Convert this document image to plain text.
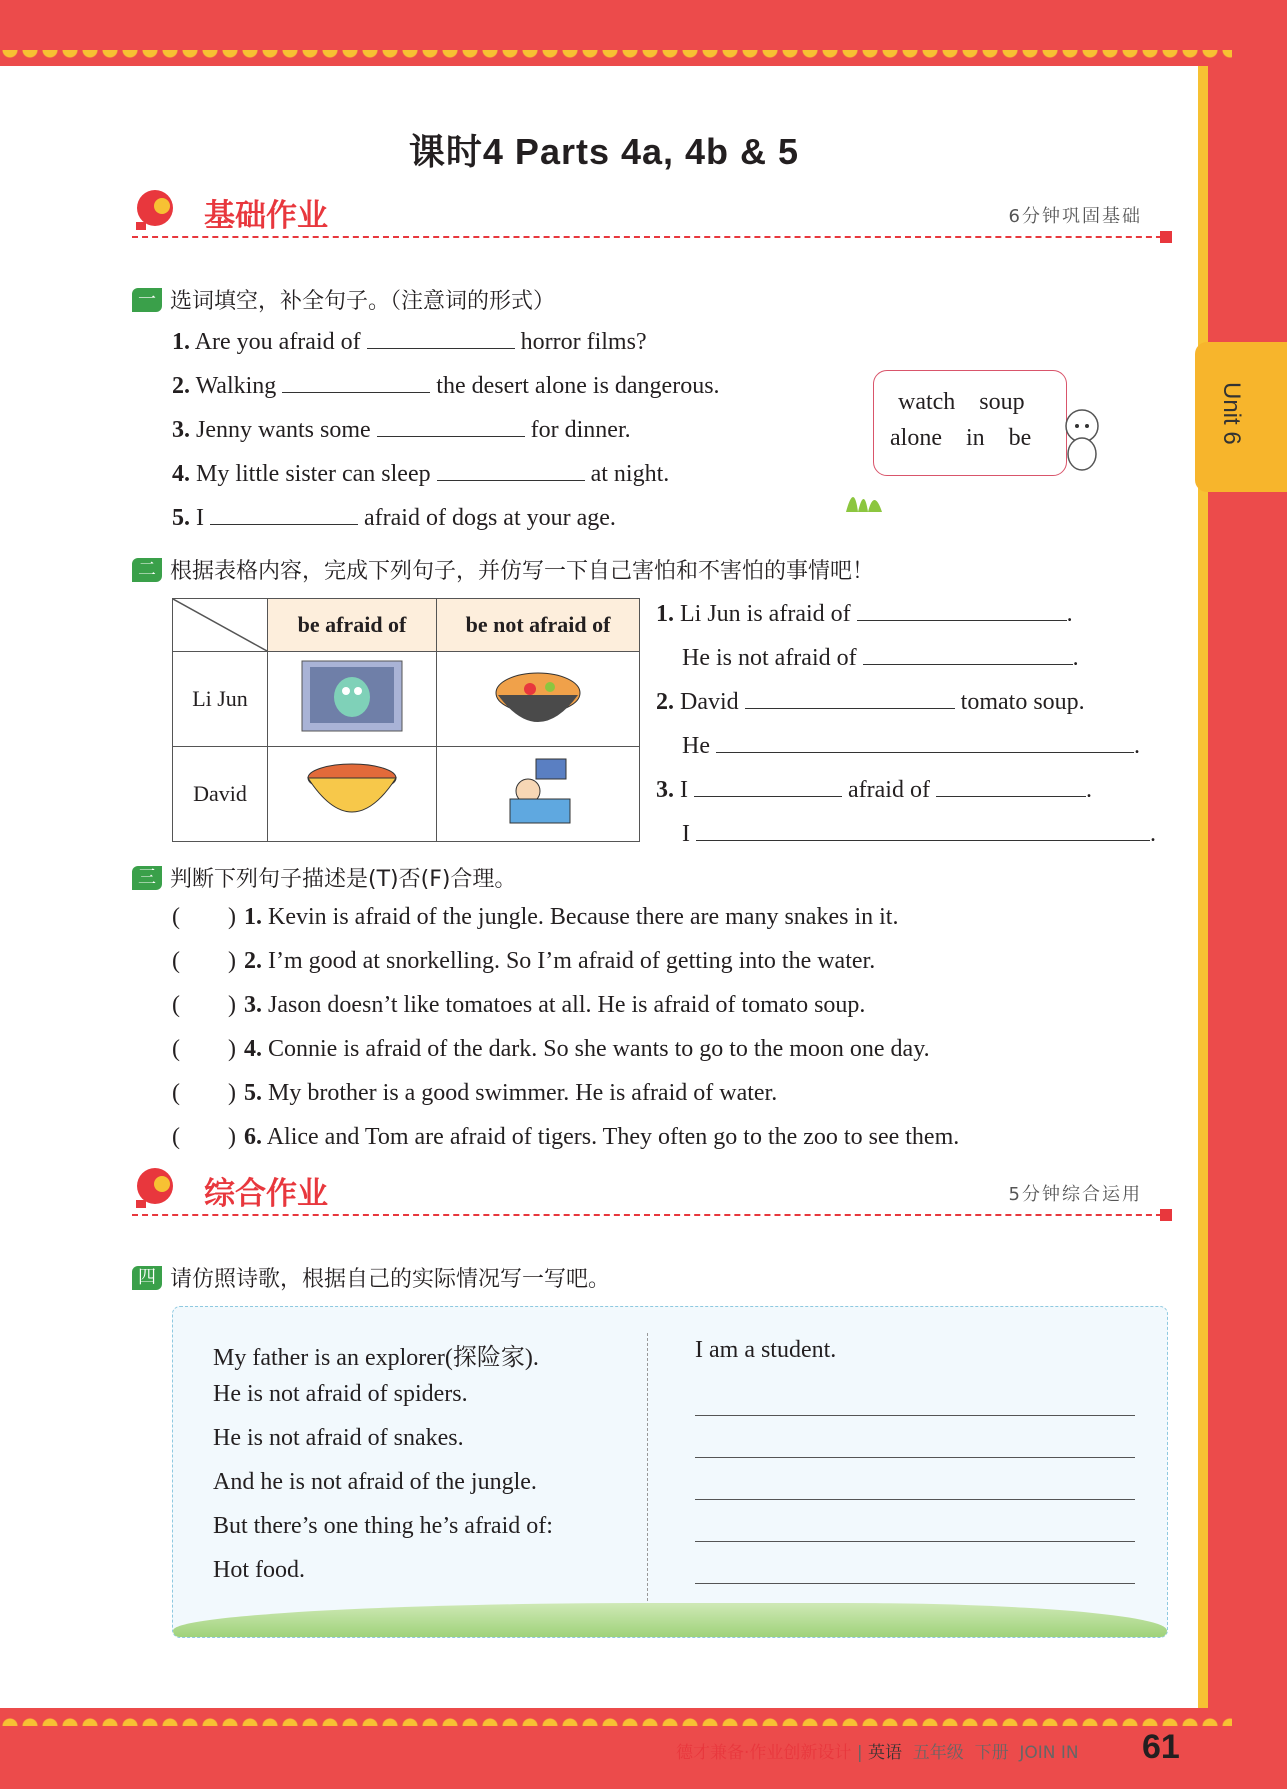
课时4 Parts 4a, 4b & 5
基础作业	6分钟巩固基础
一 选词填空，补全句子。（注意词的形式）
1. Are you afraid of	horror films?
2. Walking	the desert alone is dangerous.
3. Jenny wants some	for dinner.
4. My little sister can sleep	at night.
5. I	afraid of dogs at your age.
watch soup
alone in be
二 根据表格内容，完成下列句子，并仿写一下自己害怕和不害怕的事情吧！
	be afraid of	be not afraid of
Li Jun		
David		
1. Li Jun is afraid of	.
He is not afraid of	.
2. David	tomato soup.
He	.
3. I	afraid of	.
I	.
三 判断下列句子描述是(T)否(F)合理。
(        ) 1. Kevin is afraid of the jungle. Because there are many snakes in it.
(        ) 2. I’m good at snorkelling. So I’m afraid of getting into the water.
(        ) 3. Jason doesn’t like tomatoes at all. He is afraid of tomato soup.
(        ) 4. Connie is afraid of the dark. So she wants to go to the moon one day.
(        ) 5. My brother is a good swimmer. He is afraid of water.
(        ) 6. Alice and Tom are afraid of tigers. They often go to the zoo to see them.
综合作业	5分钟综合运用
四 请仿照诗歌，根据自己的实际情况写一写吧。
My father is an explorer(探险家).
He is not afraid of spiders.
He is not afraid of snakes.
And he is not afraid of the jungle.
But there’s one thing he’s afraid of:
Hot food.
I am a student.
德才兼备·作业创新设计 | 英语 五年级 下册 JOIN IN 61
Unit 6
